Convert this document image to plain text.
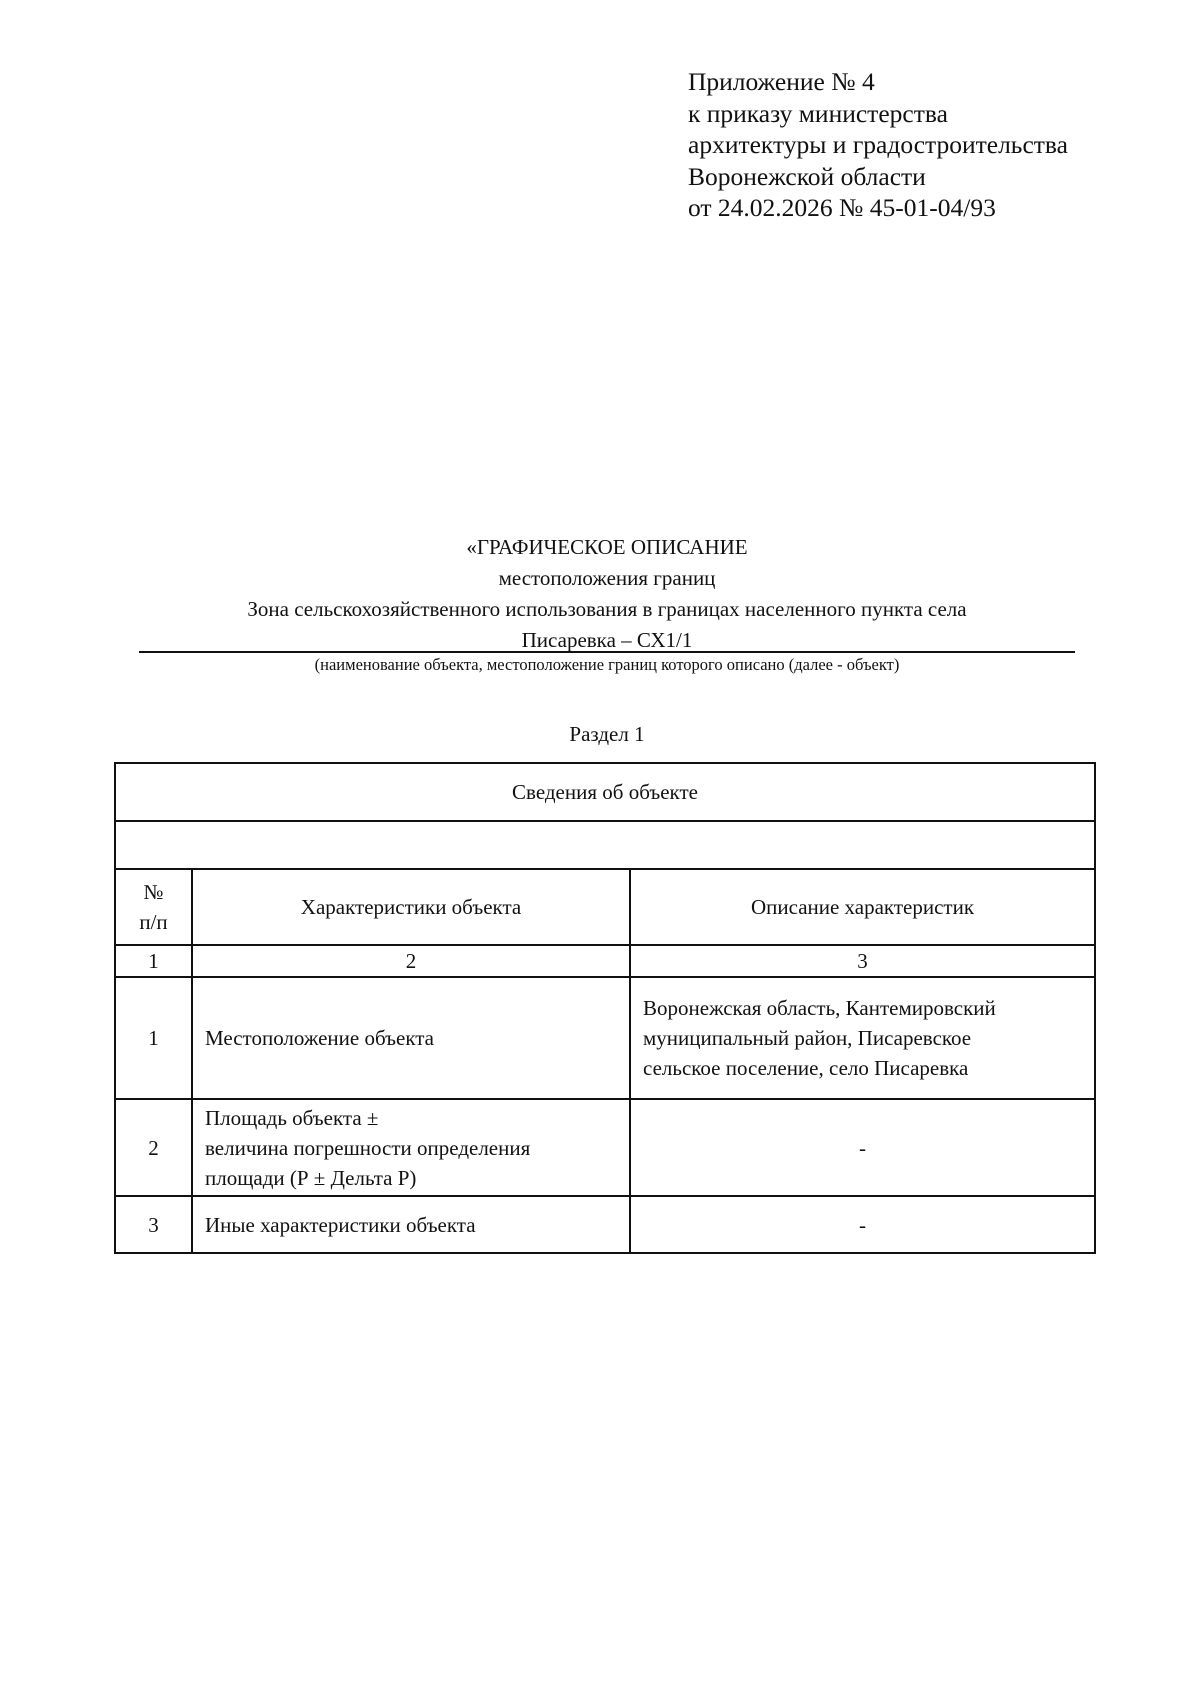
Приложение № 4
к приказу министерства
архитектуры и градостроительства
Воронежской области
от 24.02.2026 № 45-01-04/93
«ГРАФИЧЕСКОЕ ОПИСАНИЕ
местоположения границ
Зона сельскохозяйственного использования в границах населенного пункта села
Писаревка – СХ1/1
(наименование объекта, местоположение границ которого описано (далее - объект)
Раздел 1
Сведения об объекте		

№
п/п	Характеристики объекта	Описание характеристик
1	2	3
1	Местоположение объекта	Воронежская область, Кантемировский
муниципальный район, Писаревское
сельское поселение, село Писаревка

2	Площадь объекта ±
величина погрешности определения
площади (Р ± Дельта Р)	-
3	Иные характеристики объекта	-
